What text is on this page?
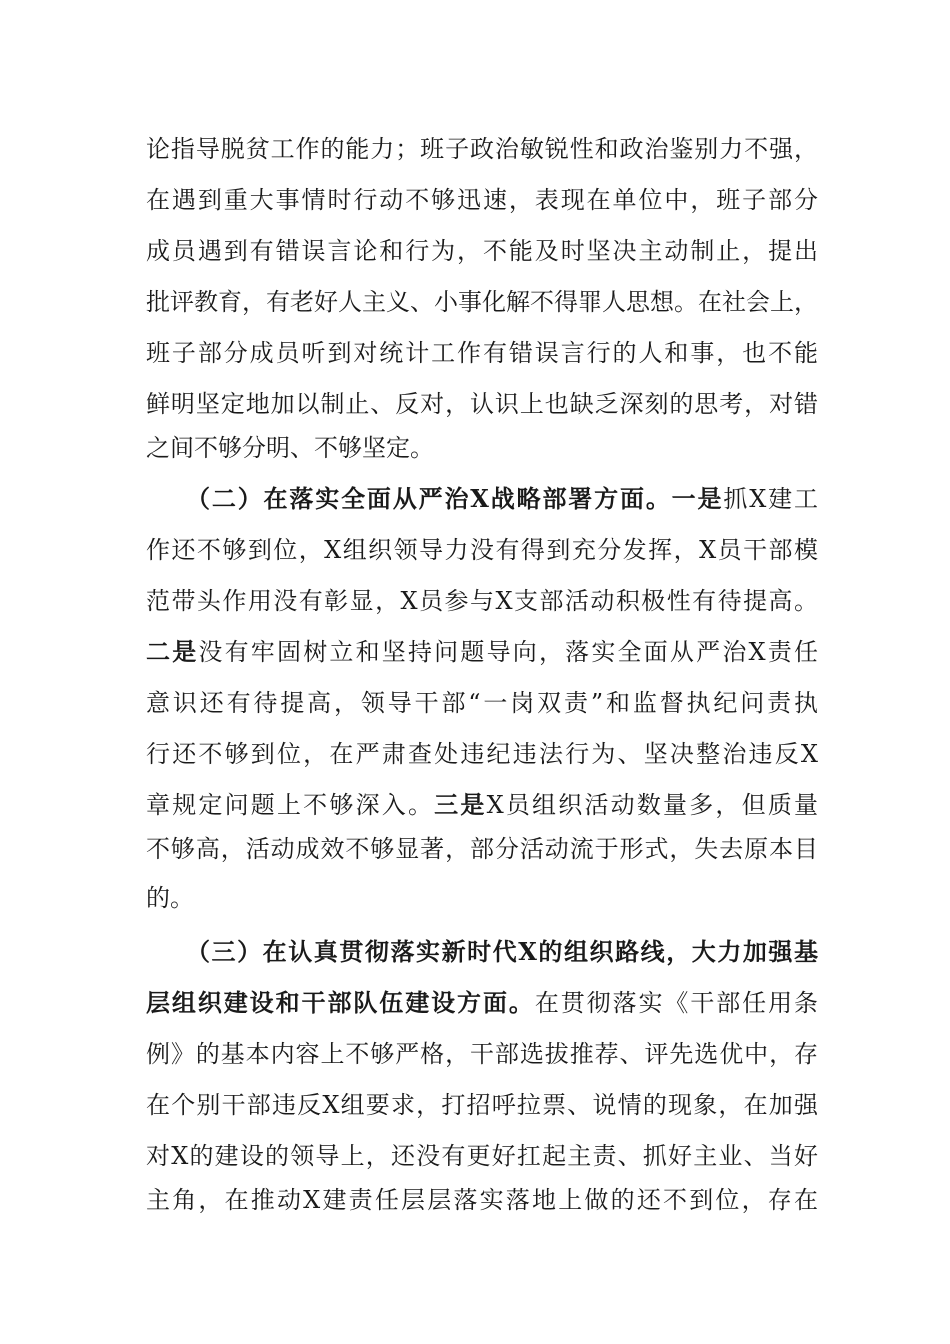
论指导脱贫工作的能力；班子政治敏锐性和政治鉴别力不强，
在遇到重大事情时行动不够迅速，表现在单位中，班子部分
成员遇到有错误言论和行为，不能及时坚决主动制止，提出
批评教育，有老好人主义、小事化解不得罪人思想。在社会上，
班子部分成员听到对统计工作有错误言行的人和事，也不能
鲜明坚定地加以制止、反对，认识上也缺乏深刻的思考，对错
之间不够分明、不够坚定。
（二）在落实全面从严治X战略部署方面。一是抓X建工
作还不够到位，X组织领导力没有得到充分发挥，X员干部模
范带头作用没有彰显，X员参与X支部活动积极性有待提高。
二是没有牢固树立和坚持问题导向，落实全面从严治X责任
意识还有待提高，领导干部“一岗双责”和监督执纪问责执
行还不够到位，在严肃查处违纪违法行为、坚决整治违反X
章规定问题上不够深入。三是X员组织活动数量多，但质量
不够高，活动成效不够显著，部分活动流于形式，失去原本目
的。
（三）在认真贯彻落实新时代X的组织路线，大力加强基
层组织建设和干部队伍建设方面。在贯彻落实《干部任用条
例》的基本内容上不够严格，干部选拔推荐、评先选优中，存
在个别干部违反X组要求，打招呼拉票、说情的现象，在加强
对X的建设的领导上，还没有更好扛起主责、抓好主业、当好
主角，在推动X建责任层层落实落地上做的还不到位，存在
